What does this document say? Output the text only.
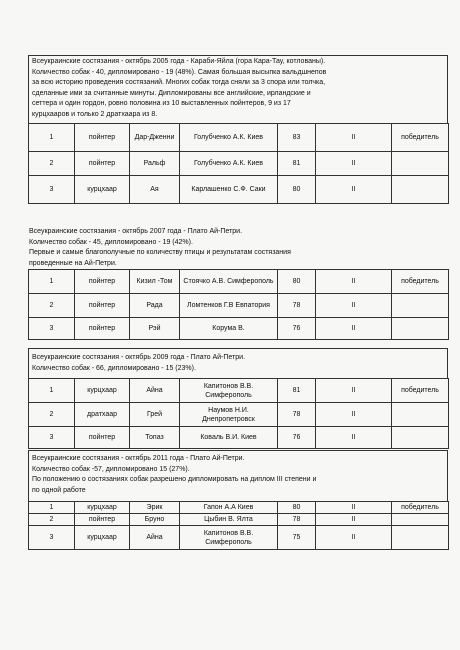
Всеукраинские состязания - октябрь 2005 года - Караби-Яйла (гора Кара-Тау, котлованы).
Количество собак - 40, дипломировано - 19 (48%). Самая большая высыпка вальдшнепов
за всю историю проведения состязаний. Многих собак тогда сняли за 3 спора или толчка,
сделанные ими за считанные минуты. Дипломированы все английские, ирландские и
сеттера и один гордон, ровно половина из 10 выставленных пойнтеров, 9 из 17
курцхааров и только 2 дратхаара из 8.
1	пойнтер	Дар-Дженни	Голубченко А.К. Киев	83	II	победитель
2	пойнтер	Ральф	Голубченко А.К. Киев	81	II	
3	курцхаар	Ая	Карлашенко С.Ф. Саки	80	II	
Всеукраинские состязания - октябрь 2007 года - Плато Ай-Петри.
Количество собак - 45, дипломировано - 19 (42%).
Первые и самые благополучные по количеству птицы и результатам состязания
проведенные на Ай-Петри.
1	пойнтер	Кизил -Том	Стоячко А.В. Симферополь	80	II	победитель
2	пойнтер	Рада	Ломтенков Г.В Евпатория	78	II	
3	пойнтер	Рэй	Корума В.	76	II	
Всеукраинские состязания - октябрь 2009 года - Плато Ай-Петри.
Количество собак - 66, дипломировано - 15 (23%).
1	курцхаар	Айна	Капитонов В.В. Симферополь	81	II	победитель
2	дратхаар	Грей	Наумов Н.И. Днепропетровск	78	II	
3	пойнтер	Топаз	Коваль В.И. Киев	76	II	
Всеукраинские состязания - октябрь 2011 года - Плато Ай-Петри.
Количество собак -57, дипломировано 15 (27%).
По положению о состязаниях собак разрешено дипломировать на диплом III степени и
по одной работе
1	курцхаар	Эрик	Гапон А.А Киев	80	II	победитель
2	пойнтер	Бруно	Цыбин В. Ялта	78	II	
3	курцхаар	Айна	Капитонов В.В. Симферополь	75	II	
